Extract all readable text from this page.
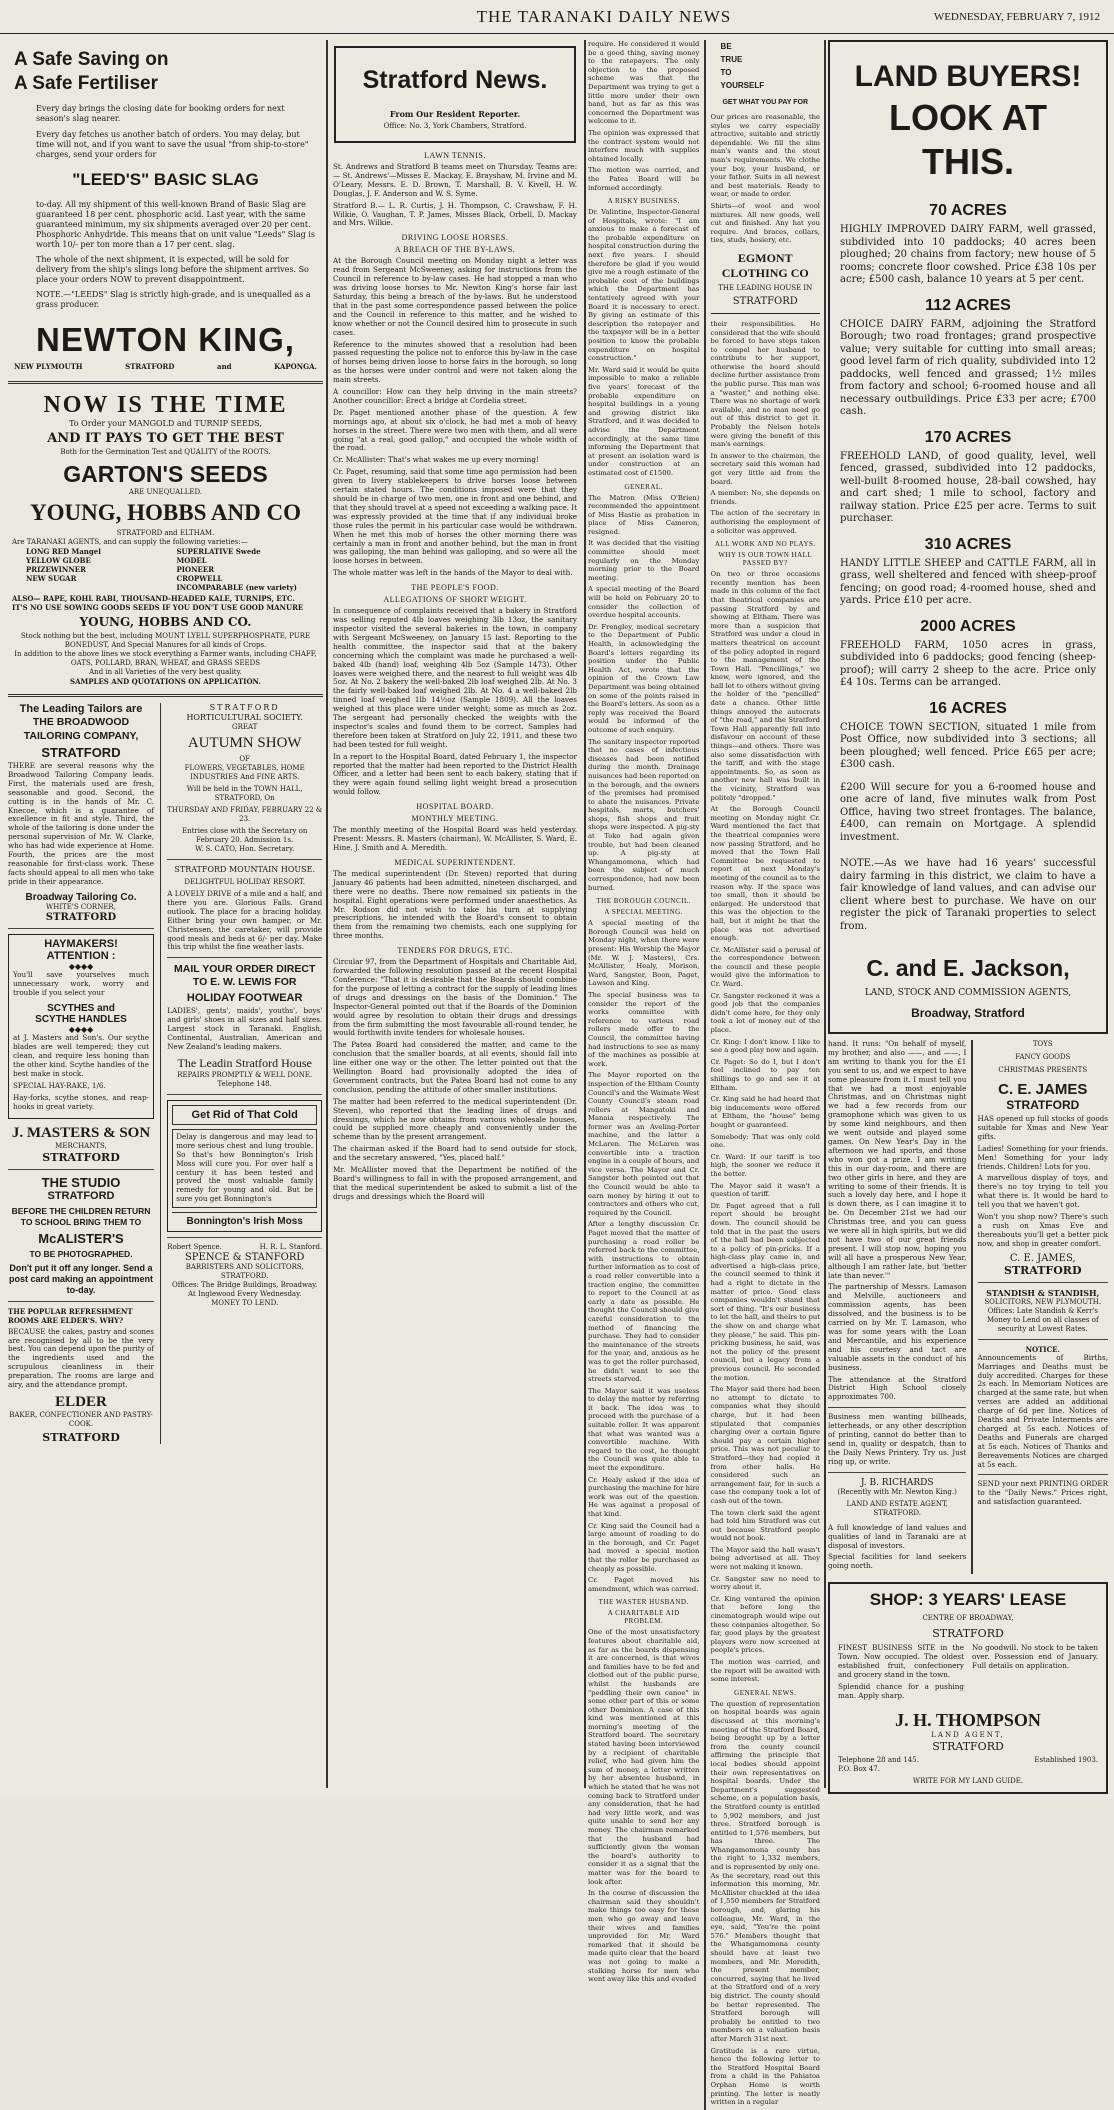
THE TARANAKI DAILY NEWS	WEDNESDAY, FEBRUARY 7, 1912
A Safe Saving on
A Safe Fertiliser

Every day brings the closing date for booking orders for next season's slag nearer.

Every day fetches us another batch of orders. You may delay, but time will not, and if you want to save the usual "from ship-to-store" charges, send your orders for

"LEED'S" BASIC SLAG

to-day. All my shipment of this well-known Brand of Basic Slag are guaranteed 18 per cent. phosphoric acid. Last year, with the same guaranteed minimum, my six shipments averaged over 20 per cent. Phosphoric Anhydride. This means that on unit value "Leeds" Slag is worth 10/- per ton more than a 17 per cent. slag.

The whole of the next shipment, it is expected, will be sold for delivery from the ship's slings long before the shipment arrives. So place your orders NOW to prevent disappointment.

NOTE.—"LEEDS" Slag is strictly high-grade, and is unequalled as a grass producer.

NEWTON KING,
NEW PLYMOUTH	STRATFORD	and	KAPONGA.
NOW IS THE TIME
To Order your MANGOLD and TURNIP SEEDS,
AND IT PAYS TO GET THE BEST
Both for the Germination Test and QUALITY of the ROOTS.
GARTON'S SEEDS
ARE UNEQUALLED.
YOUNG, HOBBS AND CO
STRATFORD and ELTHAM.
Are TARANAKI AGENTS, and can supply the following varieties:—
LONG RED Mangel	SUPERLATIVE Swede
YELLOW GLOBE	MODEL
PRIZEWINNER	PIONEER
NEW SUGAR	CROPWELL
INCOMPARABLE (new variety)
ALSO— RAPE, KOHL RABI, THOUSAND-HEADED KALE, TURNIPS, ETC.
IT'S NO USE SOWING GOODS SEEDS IF YOU DON'T USE GOOD MANURE
YOUNG, HOBBS AND CO.
Stock nothing but the best, including MOUNT LYELL SUPERPHOSPHATE, PURE BONEDUST, And Special Manures for all kinds of Crops.
In addition to the above lines we stock everything a Farmer wants, including CHAFF, OATS, POLLARD, BRAN, WHEAT, and GRASS SEEDS
And in all Varieties of the very best quality.
SAMPLES AND QUOTATIONS ON APPLICATION.
The Leading Tailors are
THE BROADWOOD TAILORING COMPANY,
STRATFORD

THERE are several reasons why the Broadwood Tailoring Company leads. First, the materials used are fresh, seasonable and good. Second, the cutting is in the hands of Mr. C. Knecoe, which is a guarantee of excellence in fit and style. Third, the whole of the tailoring is done under the personal supervision of Mr. W. Clarke, who has had wide experience at Home. Fourth, the prices are the most reasonable for first-class work. These facts should appeal to all men who take pride in their appearance.

Broadway Tailoring Co.
WHITE'S CORNER,
STRATFORD
HAYMAKERS!
ATTENTION :
◆◆◆◆

You'll save yourselves much unnecessary work, worry and trouble if you select your

SCYTHES and
SCYTHE HANDLES
◆◆◆◆

at J. Masters and Son's. Our scythe blades are well tempered; they cut clean, and require less honing than the other kind. Scythe handles of the best make in stock.

SPECIAL HAY-RAKE, 1/6.

Hay-forks, scythe stones, and reap-hooks in great variety.

J. MASTERS & SON
MERCHANTS,
STRATFORD
THE STUDIO
STRATFORD
BEFORE THE CHILDREN RETURN TO SCHOOL BRING THEM TO
McALISTER'S
TO BE PHOTOGRAPHED.
Don't put it off any longer. Send a post card making an appointment to-day.
THE POPULAR REFRESHMENT ROOMS ARE ELDER'S. WHY?

BECAUSE the cakes, pastry and scones are recognised by all to be the very best. You can depend upon the purity of the ingredients used and the scrupulous cleanliness in their preparation. The rooms are large and airy, and the attendance prompt.

ELDER
BAKER, CONFECTIONER AND PASTRY-COOK.
STRATFORD
STRATFORD
HORTICULTURAL SOCIETY.
GREAT
AUTUMN SHOW
OF
FLOWERS, VEGETABLES, HOME INDUSTRIES And FINE ARTS.
Will be held in the TOWN HALL, STRATFORD, On
THURSDAY AND FRIDAY, FEBRUARY 22 & 23.
Entries close with the Secretary on February 20. Admission 1s.
W. S. CATO, Hon. Secretary.
STRATFORD MOUNTAIN HOUSE.
DELIGHTFUL HOLIDAY RESORT.

A LOVELY DRIVE of a mile and a half, and there you are. Glorious Falls. Grand outlook. The place for a bracing holiday. Either bring your own hamper, or Mr. Christensen, the caretaker, will provide good meals and beds at 6/- per day. Make this trip whilst the fine weather lasts.

MAIL YOUR ORDER DIRECT TO E. W. LEWIS FOR
HOLIDAY FOOTWEAR

LADIES', gents', maids', youths', boys' and girls' shoes in all sizes and half sizes. Largest stock in Taranaki. English, Continental, Australian, American and New Zealand's leading makers.

The Leadin Stratford House
REPAIRS PROMPTLY & WELL DONE.
Telephone 148.
Get Rid of That Cold

Delay is dangerous and may lead to more serious chest and lung trouble. So that's how Bonnington's Irish Moss will cure you. For over half a century it has been tested and proved the most valuable family remedy for young and old. But be sure you get Bonnington's

Bonnington's Irish Moss
Robert Spence.	H. R. L. Stanford.
SPENCE & STANFORD
BARRISTERS AND SOLICITORS,
STRATFORD.
Offices: The Bridge Buildings, Broadway.
At Inglewood Every Wednesday.
MONEY TO LEND.
Stratford News.
From Our Resident Reporter.
Office: No. 3, York Chambers, Stratford.
LAWN TENNIS.

St. Andrews and Stratford B teams meet on Thursday. Teams are:— St. Andrews'—Misses E. Mackay, E. Brayshaw, M. Irvine and M. O'Leary, Messrs. E. D. Brown, T. Marshall, B. V. Kivell, H. W. Douglas, J. F. Anderson and W. S. Syme.

Stratford B.— L. R. Curtis, J. H. Thompson, C. Crawshaw, F. H. Wilkie, O. Vaughan, T. P. James, Misses Black, Orbell, D. Mackay and Mrs. Wilkie.

DRIVING LOOSE HORSES.
A BREACH OF THE BY-LAWS.

At the Borough Council meeting on Monday night a letter was read from Sergeant McSweeney, asking for instructions from the Council in reference to by-law cases. He had stopped a man who was driving loose horses to Mr. Newton King's horse fair last Saturday, this being a breach of the by-laws. But he understood that in the past some correspondence passed between the police and the Council in reference to this matter, and he wished to know whether or not the Council desired him to prosecute in such cases.

Reference to the minutes showed that a resolution had been passed requesting the police not to enforce this by-law in the case of horses being driven loose to horse fairs in the borough, so long as the horses were under control and were not taken along the main streets.

A councillor: How can they help driving in the main streets? Another councillor: Erect a bridge at Cordelia street.

Dr. Paget mentioned another phase of the question. A few mornings ago, at about six o'clock, he had met a mob of heavy horses in the street. There were two men with them, and all were going "at a real, good gallop," and occupied the whole width of the road.

Cr. McAllister: That's what wakes me up every morning!

Cr. Paget, resuming, said that some time ago permission had been given to livery stablekeepers to drive horses loose between certain stated hours. The conditions imposed were that they should be in charge of two men, one in front and one behind, and that they should travel at a speed not exceeding a walking pace. It was expressly provided at the time that if any individual broke those rules the permit in his particular case would be withdrawn. When he met this mob of horses the other morning there was certainly a man in front and another behind, but the man in front was galloping, the man behind was galloping, and so were all the loose horses in between.

The whole matter was left in the hands of the Mayor to deal with.

THE PEOPLE'S FOOD.
ALLEGATIONS OF SHORT WEIGHT.

In consequence of complaints received that a bakery in Stratford was selling reputed 4lb loaves weighing 3lb 13oz, the sanitary inspector visited the several bakeries in the town, in company with Sergeant McSweeney, on January 15 last. Reporting to the health committee, the inspector said that at the bakery concerning which the complaint was made he purchased a well-baked 4lb (hand) loaf, weighing 4lb 5oz (Sample 1473). Other loaves were weighed there, and the nearest to full weight was 4lb 5oz. At No. 2 bakery the well-baked 2lb loaf weighed 2lb. At No. 3 the fairly well-baked loaf weighed 2lb. At No. 4 a well-baked 2lb tinned loaf weighed 1lb 14½oz (Sample 1809). All the loaves weighed at this place were under weight; some as much as 2oz. The sergeant had personally checked the weights with the inspector's scales and found them to be correct. Samples had therefore been taken at Stratford on July 22, 1911, and these two had been tested for full weight.

In a report to the Hospital Board, dated February 1, the inspector reported that the matter had been reported to the District Health Officer, and a letter had been sent to each bakery, stating that if they were again found selling light weight bread a prosecution would follow.

HOSPITAL BOARD.
MONTHLY MEETING.

The monthly meeting of the Hospital Board was held yesterday. Present: Messrs. R. Masters (chairman), W. McAllister, S. Ward, E. Hine, J. Smith and A. Meredith.

MEDICAL SUPERINTENDENT.

The medical superintendent (Dr. Steven) reported that during January 46 patients had been admitted, nineteen discharged, and there were no deaths. There now remained six patients in the hospital. Eight operations were performed under anaesthetics. As Mr. Rodson did not wish to take his turn at supplying prescriptions, he intended with the Board's consent to obtain them from the remaining two chemists, each one supplying for three months.

TENDERS FOR DRUGS, ETC.

Circular 97, from the Department of Hospitals and Charitable Aid, forwarded the following resolution passed at the recent Hospital Conference: "That it is desirable that the Boards should combine for the purpose of letting a contract for the supply of leading lines of drugs and dressings on the basis of the Dominion." The Inspector-General pointed out that if the Boards of the Dominion would agree by resolution to obtain their drugs and dressings from the firm submitting the most favourable all-round tender, he would forthwith invite tenders for wholesale houses.

The Patea Board had considered the matter, and came to the conclusion that the smaller boards, at all events, should fall into line either one way or the other. The letter pointed out that the Wellington Board had provisionally adopted the idea of Government contracts, but the Patea Board had not come to any conclusion, pending the attitude of other smaller institutions.

The matter had been referred to the medical superintendent (Dr. Steven), who reported that the leading lines of drugs and dressings, which he now obtains from various wholesale houses, could be supplied more cheaply and conveniently under the scheme than by the present arrangement.

The chairman asked if the Board had to send outside for stock, and the secretary answered, "Yes, placed half."

Mr. McAllister moved that the Department be notified of the Board's willingness to fall in with the proposed arrangement, and that the medical superintendent be asked to submit a list of the drugs and dressings which the Board will

require. He considered it would be a good thing, saving money to the ratepayers. The only objection to the proposed scheme was that the Department was trying to get a little more under their own hand, but as far as this was concerned the Department was welcome to it.

The opinion was expressed that the contract system would not interfere much with supplies obtained locally.

The motion was carried, and the Patea Board will be informed accordingly.

A RISKY BUSINESS.

Dr. Valintine, Inspector-General of Hospitals, wrote: "I am anxious to make a forecast of the probable expenditure on hospital construction during the next five years. I should therefore be glad if you would give me a rough estimate of the probable cost of the buildings which the Department has tentatively agreed with your Board it is necessary to erect. By giving an estimate of this description the ratepayer and the taxpayer will be in a better position to know the probable expenditure on hospital construction."

Mr. Ward said it would be quite impossible to make a reliable five years' forecast of the probable expenditure on hospital buildings in a young and growing district like Stratford, and it was decided to advise the Department accordingly, at the same time informing the Department that at present an isolation ward is under construction at an estimated cost of £1500.

GENERAL.

The Matron (Miss O'Brien) recommended the appointment of Miss Hastie as probation in place of Miss Cameron, resigned.

It was decided that the visiting committee should meet regularly on the Monday morning prior to the Board meeting.

A special meeting of the Board will be held on February 20 to consider the collection of overdue hospital accounts.

Dr. Frengley, medical secretary to the Department of Public Health, in acknowledging the Board's letters regarding its position under the Public Health Act, wrote that the opinion of the Crown Law Department was being obtained on some of the points raised in the Board's letters. As soon as a reply was received the Board would be informed of the outcome of such enquiry.

The sanitary inspector reported that no cases of infectious diseases had been notified during the month. Drainage nuisances had been reported on in the borough, and the owners of the premises had promised to abate the nuisances. Private hospitals, marts, butchers' shops, fish shops and fruit shops were inspected. A pig-sty at Toko had again given trouble, but had been cleaned up. A pig-sty at Whangamomona, which had been the subject of much correspondence, had now been burned.

THE BOROUGH COUNCIL.
A SPECIAL MEETING.

A special meeting of the Borough Council was held on Monday night, when there were present: His Worship the Mayor (Mr. W. J. Masters), Crs. McAllister, Healy, Morison, Ward, Sangster, Boon, Paget, Lawson and King.

The special business was to consider the report of the works committee with reference to various road rollers made offer to the Council, the committee having had instructions to see as many of the machines as possible at work.

The Mayor reported on the inspection of the Eltham County Council's and the Waimate West County Council's steam road rollers at Mangatoki and Manaia respectively. The former was an Aveling-Porter machine, and the latter a McLaren. The McLaren was convertible into a traction engine in a couple of hours, and vice versa. The Mayor and Cr. Sangster both pointed out that the Council would be able to earn money by hiring it out to contractors and others who cut, required by the Council.

After a lengthy discussion Cr. Paget moved that the matter of purchasing a road roller be referred back to the committee, with instructions to obtain further information as to cost of a road roller convertible into a traction engine, the committee to report to the Council at as early a date as possible. He thought the Council should give careful consideration to the method of financing the purchase. They had to consider the maintenance of the streets for the year, and, anxious as he was to get the roller purchased, he didn't want to see the streets starved.

The Mayor said it was useless to delay the matter by referring it back. The idea was to proceed with the purchase of a suitable roller. It was apparent that what was wanted was a convertible machine. With regard to the cost, he thought the Council was quite able to meet the expenditure.

Cr. Healy asked if the idea of purchasing the machine for hire work was out of the question. He was against a proposal of that kind.

Cr. King said the Council had a large amount of roading to do in the borough, and Cr. Paget had moved a special motion that the roller be purchased as cheaply as possible.

Cr. Paget moved his amendment, which was carried.

THE WASTER HUSBAND.
A CHARITABLE AID PROBLEM.

One of the most unsatisfactory features about charitable aid, as far as the boards dispensing it are concerned, is that wives and families have to be fed and clothed out of the public purse, whilst the husbands are "peddling their own canoe" in some other part of this or some other Dominion. A case of this kind was mentioned at this morning's meeting of the Stratford board. The secretary stated having been interviewed by a recipient of charitable relief, who had given him the sum of money, a letter written by her absentee husband, in which he stated that he was not coming back to Stratford under any consideration, that he had had very little work, and was quite unable to send her any money. The chairman remarked that the husband had sufficiently given the woman the board's authority to consider it as a signal that the matter was for the board to look after.

In the course of discussion the chairman said they shouldn't make things too easy for these men who go away and leave their wives and families unprovided for. Mr. Ward remarked that it should be made quite clear that the board was not going to make a stalking horse for men who went away like this and evaded

BE
TRUE
TO
YOURSELF
GET WHAT YOU PAY FOR

Our prices are reasonable, the styles we carry especially attractive, suitable and strictly dependable. We fill the slim man's wants and the stout man's requirements. We clothe your boy, your husband, or your father. Suits in all newest and best materials. Ready to wear, or made to order.

Shirts—of wool and wool mixtures. All new goods, well cut and finished. Any hat you require. And braces, collars, ties, studs, hosiery, etc.

EGMONT CLOTHING CO
THE LEADING HOUSE IN
STRATFORD

their responsibilities. He considered that the wife should be forced to have steps taken to compel her husband to contribute to her support, otherwise the board should decline further assistance from the public purse. This man was a "waster," and nothing else. There was no shortage of work available, and no man need go out of this district to get it. Probably the Nelson hotels were giving the benefit of this man's earnings.

In answer to the chairman, the secretary said this woman had got very little aid from the board.

A member: No, she depends on friends.

The action of the secretary in authorising the employment of a solicitor was approved.

ALL WORK AND NO PLAYS.
WHY IS OUR TOWN HALL PASSED BY?

On two or three occasions recently mention has been made in this column of the fact that theatrical companies are passing Stratford by and showing at Eltham. There was more than a suspicion that Stratford was under a cloud in matters theatrical on account of the policy adopted in regard to the management of the Town Hall. "Pencillings," we knew, were ignored, and the hall let to others without giving the holder of the "pencilled" date a chance. Other little things annoyed the autocrats of "the road," and the Stratford Town Hall apparently fell into disfavour on account of these things—and others. There was also some dissatisfaction with the tariff, and with the stage appointments. So, as soon as another new hall was built in the vicinity, Stratford was politely "dropped."

At the Borough Council meeting on Monday night Cr. Ward mentioned the fact that the theatrical companies were now passing Stratford, and he moved that the Town Hall Committee be requested to report at next Monday's meeting of the council as to the reason why. If the space was too small, then it should be enlarged. He understood that this was the objection to the hall, but it might be that the place was not advertised enough.

Cr. McAllister said a perusal of the correspondence between the council and these people would give the information to Cr. Ward.

Cr. Sangster reckoned it was a good job that the companies didn't come here, for they only took a lot of money out of the place.

Cr. King: I don't know. I like to see a good play now and again.

Cr. Paget: So do I, but I don't feel inclined to pay ten shillings to go and see it at Eltham.

Cr. King said he had heard that big inducements were offered at Eltham, the "house" being bought or guaranteed.

Somebody: That was only cold one.

Cr. Ward: If our tariff is too high, the sooner we reduce it the better.

The Mayor said it wasn't a question of tariff.

Dr. Paget agreed that a full report should be brought down. The council should be told that in the past the users of the hall had been subjected to a policy of pin-pricks. If a high-class play came in, and advertised a high-class price, the council seemed to think it had a right to dictate in the matter of price. Good class companies wouldn't stand that sort of thing. "It's our business to let the hall, and theirs to put the show on and charge what they please," he said. This pin-pricking business, he said, was not the policy of the present council, but a legacy from a previous council. He seconded the motion.

The Mayor said there had been no attempt to dictate to companies what they should charge, but it had been stipulated that companies charging over a certain figure should pay a certain higher price. This was not peculiar to Stratford—they had copied it from other halls. He considered such an arrangement fair, for in such a case the company took a lot of cash out of the town.

The town clerk said the agent had told him Stratford was cut out because Stratford people would not book.

The Mayor said the hall wasn't being advertised at all. They were not making it known.

Cr. Sangster saw no need to worry about it.

Cr. King ventured the opinion that before long the cinematograph would wipe out these companies altogether. So far, good plays by the greatest players were now screened at people's prices.

The motion was carried, and the report will be awaited with some interest.

GENERAL NEWS.

The question of representation on hospital boards was again discussed at this morning's meeting of the Stratford Board, being brought up by a letter from the county council affirming the principle that local bodies should appoint their own representatives on hospital boards. Under the Department's suggested scheme, on a population basis, the Stratford county is entitled to 5,902 members, and just three. Stratford borough is entitled to 1,576 members, but has three. The Whangamomona county has the right to 1,332 members, and is represented by only one. As the secretary, read out this information this morning, Mr. McAllister chuckled at the idea of 1,550 members for Stratford borough, and, glaring his colleague, Mr. Ward, in the eye, said, "You're the point 576." Members thought that the Whangamomona county should have at least two members, and Mr. Meredith, the present member, concurred, saying that he lived at the Stratford end of a very big district. The county should be better represented. The Stratford borough will probably be entitled to two members on a valuation basis after March 31st next.

Gratitude is a rare virtue, hence the following letter to the Stratford Hospital Board from a child in the Pahiatoa Orphan Home is worth printing. The letter is neatly written in a regular

LAND BUYERS!
LOOK AT THIS.
70 ACRES

HIGHLY IMPROVED DAIRY FARM, well grassed, subdivided into 10 paddocks; 40 acres been ploughed; 20 chains from factory; new house of 5 rooms; concrete floor cowshed. Price £38 10s per acre; £500 cash, balance 10 years at 5 per cent.

112 ACRES

CHOICE DAIRY FARM, adjoining the Stratford Borough; two road frontages; grand prospective value; very suitable for cutting into small areas; good level farm of rich quality, subdivided into 12 paddocks, well fenced and grassed; 1½ miles from factory and school; 6-roomed house and all necessary outbuildings. Price £33 per acre; £700 cash.

170 ACRES

FREEHOLD LAND, of good quality, level, well fenced, grassed, subdivided into 12 paddocks, well-built 8-roomed house, 28-bail cowshed, hay and cart shed; 1 mile to school, factory and railway station. Price £25 per acre. Terms to suit purchaser.

310 ACRES

HANDY LITTLE SHEEP and CATTLE FARM, all in grass, well sheltered and fenced with sheep-proof fencing; on good road; 4-roomed house, shed and yards. Price £10 per acre.

2000 ACRES

FREEHOLD FARM, 1050 acres in grass, subdivided into 6 paddocks; good fencing (sheep-proof); will carry 2 sheep to the acre. Price only £4 10s. Terms can be arranged.

16 ACRES

CHOICE TOWN SECTION, situated 1 mile from Post Office, now subdivided into 3 sections; all been ploughed; well fenced. Price £65 per acre; £300 cash.

£200 Will secure for you a 6-roomed house and one acre of land, five minutes walk from Post Office, having two street frontages. The balance, £400, can remain on Mortgage. A splendid investment.

NOTE.—As we have had 16 years' successful dairy farming in this district, we claim to have a fair knowledge of land values, and can advise our client where best to purchase. We have on our register the pick of Taranaki properties to select from.

C. and E. Jackson,
LAND, STOCK AND COMMISSION AGENTS,
Broadway, Stratford

hand. It runs: "On behalf of myself, my brother, and also ——, and ——, I am writing to thank you for the £1 you sent to us, and we expect to have some pleasure from it. I must tell you that we had a most enjoyable Christmas, and on Christmas night we had a few records from our gramophone which was given to us by some kind neighbours, and then we went outside and played some games. On New Year's Day in the afternoon we had sports, and those who won got a prize. I am writing this in our day-room, and there are two other girls in here, and they are writing to some of their friends. It is such a lovely day here, and I hope it is down there, as I can imagine it to be. On December 21st we had our Christmas tree, and you can guess we were all in high spirits, but we did not have two of our great friends present. I will stop now, hoping you will all have a prosperous New Year, although I am rather late, but 'better late than never.'"

The partnership of Messrs. Lamason and Melville, auctioneers and commission agents, has been dissolved, and the business is to be carried on by Mr. T. Lamason, who was for some years with the Loan and Mercantile, and his experience and his courtesy and tact are valuable assets in the conduct of his business.

The attendance at the Stratford District High School closely approximates 700.

Business men wanting billheads, letterheads, or any other description of printing, cannot do better than to send in, quality or despatch, than to the Daily News Printery. Try us. Just ring up, or write.

J. B. RICHARDS
(Recently with Mr. Newton King.)
LAND AND ESTATE AGENT,
STRATFORD.

A full knowledge of land values and qualities of land in Taranaki are at disposal of investors.

Special facilities for land seekers going north.

TOYS
FANCY GOODS
CHRISTMAS PRESENTS
C. E. JAMES
STRATFORD

HAS opened up full stocks of goods suitable for Xmas and New Year gifts.

Ladies! Something for your friends. Men! Something for your lady friends. Children! Lots for you.

A marvellous display of toys, and there's no toy trying to tell you what there is. It would be hard to tell you that we haven't got.

Won't you shop now? There's such a rush on Xmas Eve and thereabouts you'll get a better pick now, and shop in greater comfort.

C. E. JAMES,
STRATFORD
STANDISH & STANDISH,
SOLICITORS, NEW PLYMOUTH.
Offices: Late Standish & Kerr's
Money to Lend on all classes of security at Lowest Rates.
NOTICE.

Announcements of Births, Marriages and Deaths must be duly accredited. Charges for these 2s each. In Memoriam Notices are charged at the same rate, but when verses are added an additional charge of 6d per line. Notices of Deaths and Private Interments are charged at 5s each. Notices of Deaths and Funerals are charged at 5s each. Notices of Thanks and Bereavements Notices are charged at 5s each.

SEND your next PRINTING ORDER to the "Daily News." Prices right, and satisfaction guaranteed.

SHOP: 3 YEARS' LEASE
CENTRE OF BROADWAY,
STRATFORD

FINEST BUSINESS SITE in the Town. Now occupied. The oldest established fruit, confectionery and grocery stand in the town.

Splendid chance for a pushing man. Apply sharp.

No goodwill. No stock to be taken over. Possession end of January. Full details on application.

J. H. THOMPSON
LAND AGENT,
STRATFORD
Telephone 28 and 145.
P.O. Box 47.
Established 1903.
WRITE FOR MY LAND GUIDE.
